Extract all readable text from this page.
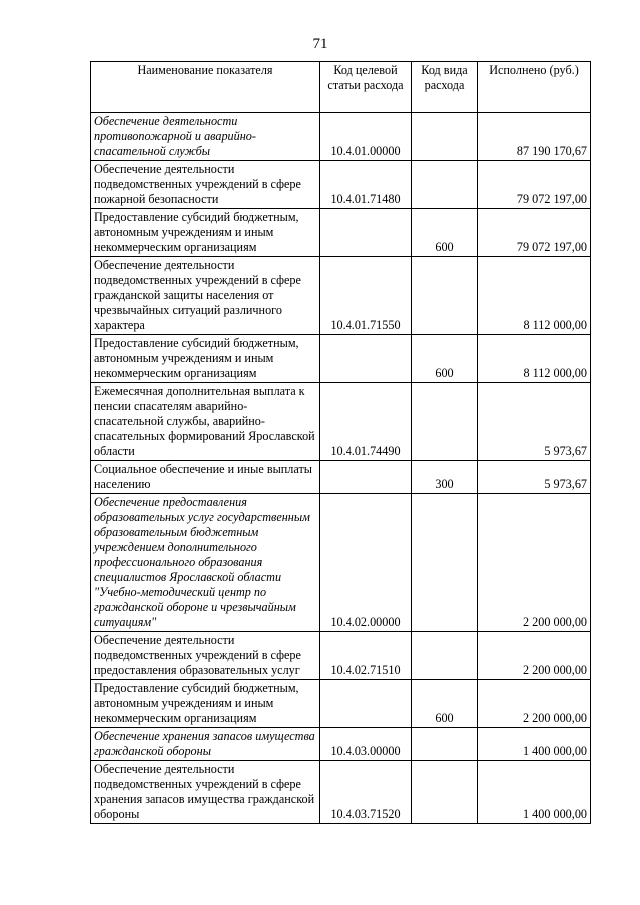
71
Наименование показателя	Код целевой статьи расхода	Код вида расхода	Исполнено (руб.)
Обеспечение деятельности противопожарной и аварийно-спасательной службы	10.4.01.00000		87 190 170,67
Обеспечение деятельности подведомственных учреждений в сфере пожарной безопасности	10.4.01.71480		79 072 197,00
Предоставление субсидий бюджетным, автономным учреждениям и иным некоммерческим организациям		600	79 072 197,00
Обеспечение деятельности подведомственных учреждений в сфере гражданской защиты населения от чрезвычайных ситуаций различного характера	10.4.01.71550		8 112 000,00
Предоставление субсидий бюджетным, автономным учреждениям и иным некоммерческим организациям		600	8 112 000,00
Ежемесячная дополнительная выплата к пенсии спасателям аварийно-спасательной службы, аварийно-спасательных формирований Ярославской области	10.4.01.74490		5 973,67
Социальное обеспечение и иные выплаты населению		300	5 973,67
Обеспечение предоставления образовательных услуг государственным образовательным бюджетным учреждением дополнительного профессионального образования специалистов Ярославской области "Учебно-методический центр по гражданской обороне и чрезвычайным ситуациям"	10.4.02.00000		2 200 000,00
Обеспечение деятельности подведомственных учреждений в сфере предоставления образовательных услуг	10.4.02.71510		2 200 000,00
Предоставление субсидий бюджетным, автономным учреждениям и иным некоммерческим организациям		600	2 200 000,00
Обеспечение хранения запасов имущества гражданской обороны	10.4.03.00000		1 400 000,00
Обеспечение деятельности подведомственных учреждений в сфере хранения запасов имущества гражданской обороны	10.4.03.71520		1 400 000,00
